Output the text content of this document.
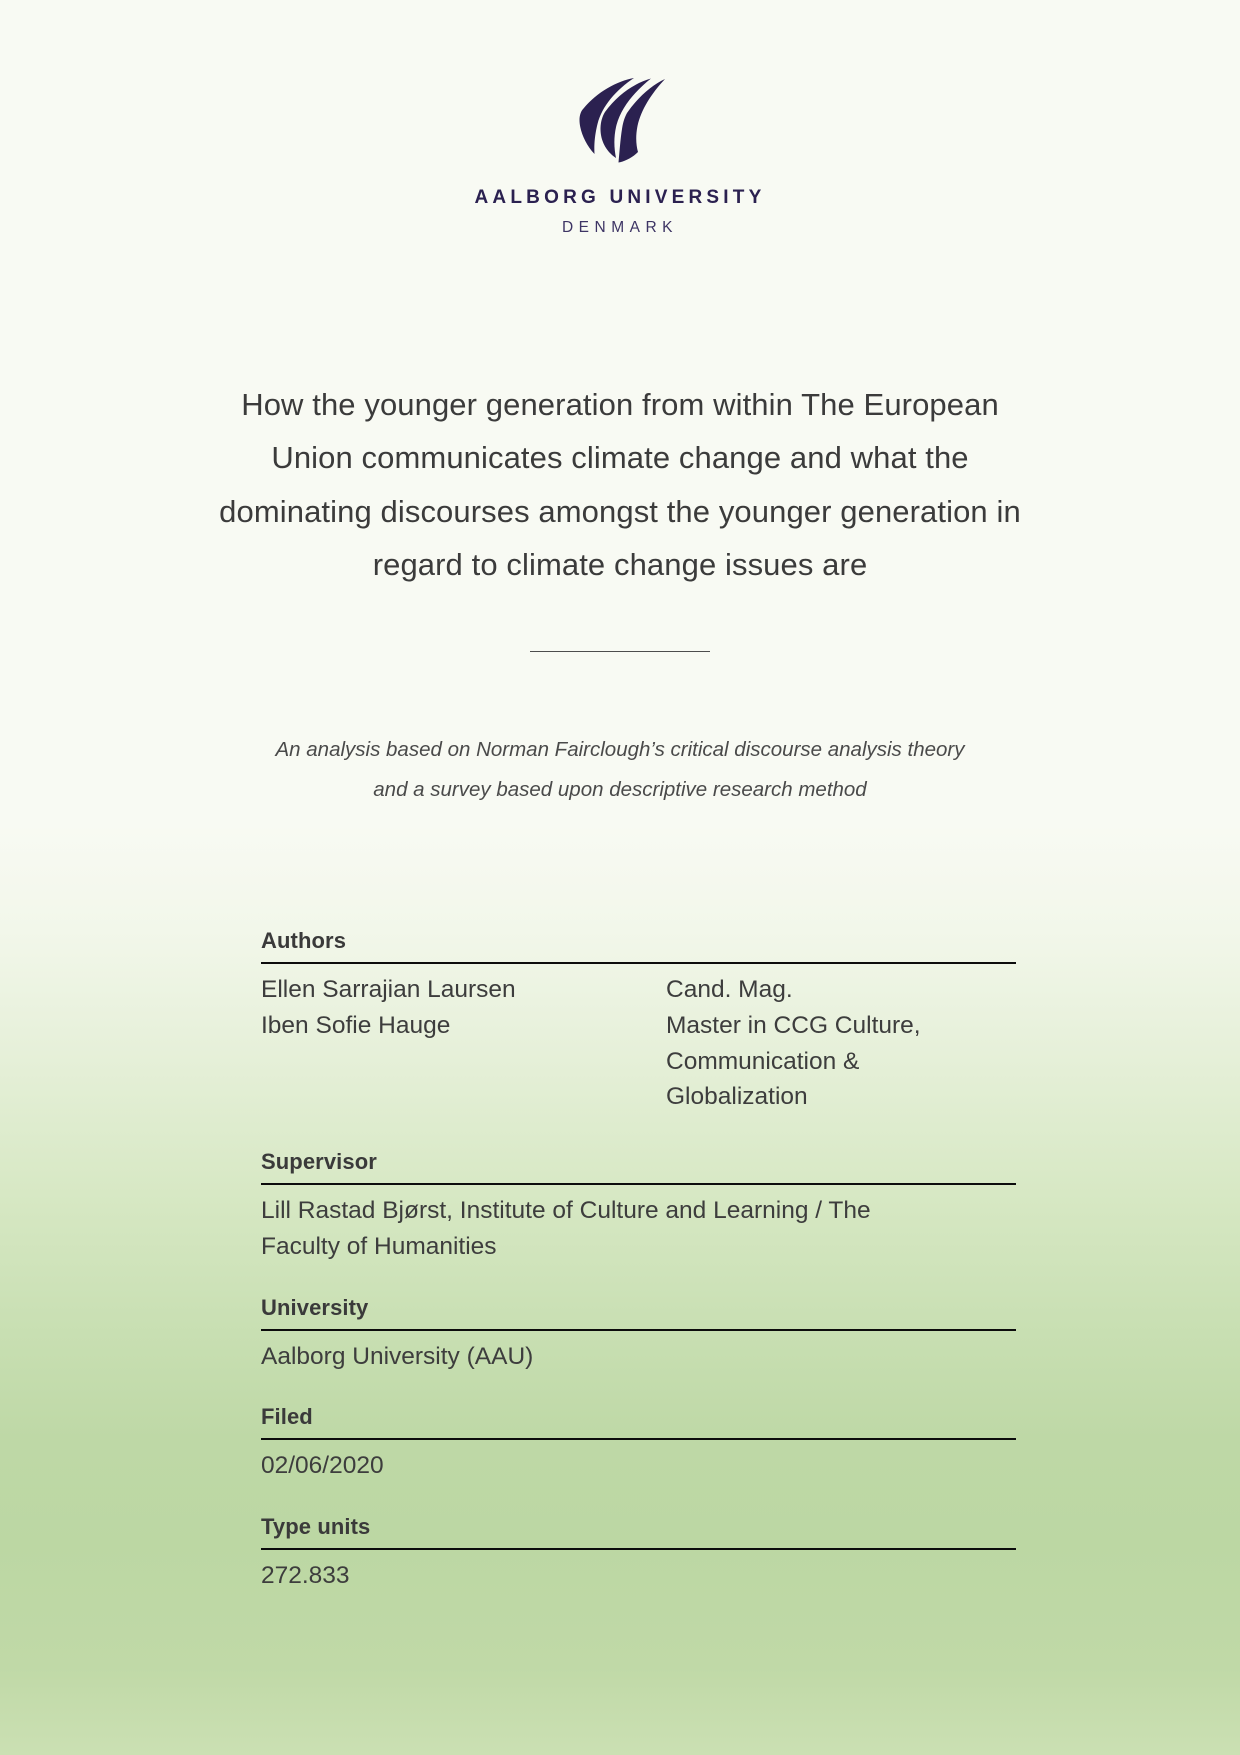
AALBORG UNIVERSITY
DENMARK
How the younger generation from within The European
Union communicates climate change and what the
dominating discourses amongst the younger generation in
regard to climate change issues are
An analysis based on Norman Fairclough’s critical discourse analysis theory
and a survey based upon descriptive research method
Authors
Ellen Sarrajian Laursen
Iben Sofie Hauge
Cand. Mag.
Master in CCG Culture,
Communication &
Globalization
Supervisor
Lill Rastad Bjørst, Institute of Culture and Learning / The
Faculty of Humanities
University
Aalborg University (AAU)
Filed
02/06/2020
Type units
272.833
